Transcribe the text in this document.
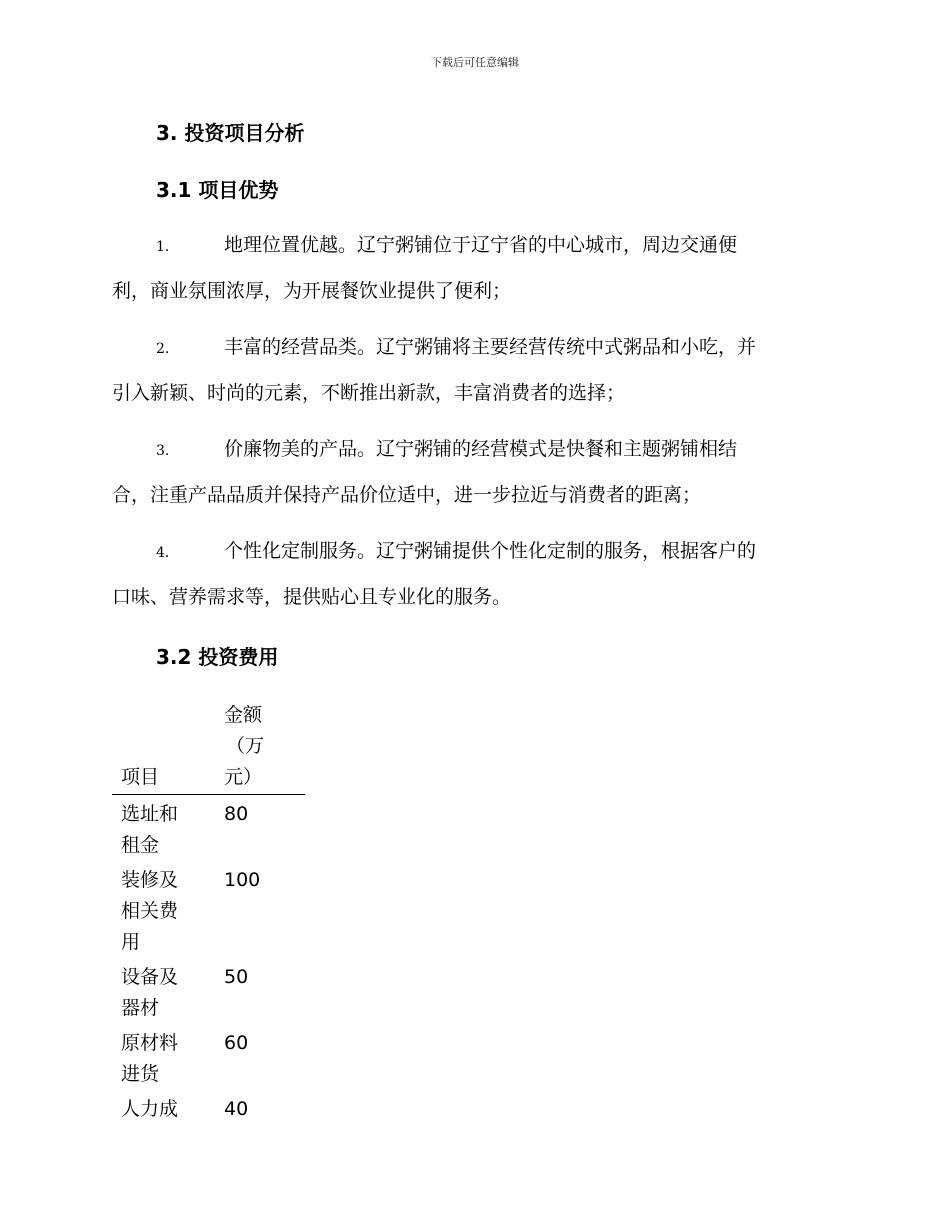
下载后可任意编辑
3. 投资项目分析
3.1 项目优势
1.	地理位置优越。辽宁粥铺位于辽宁省的中心城市，周边交通便
利，商业氛围浓厚，为开展餐饮业提供了便利；
2.	丰富的经营品类。辽宁粥铺将主要经营传统中式粥品和小吃，并
引入新颖、时尚的元素，不断推出新款，丰富消费者的选择；
3.	价廉物美的产品。辽宁粥铺的经营模式是快餐和主题粥铺相结
合，注重产品品质并保持产品价位适中，进一步拉近与消费者的距离；
4.	个性化定制服务。辽宁粥铺提供个性化定制的服务，根据客户的
口味、营养需求等，提供贴心且专业化的服务。
3.2 投资费用
项目	金额
（万
元）

选址和
租金	80

装修及
相关费
用	100

设备及
器材	50

原材料
进货	60

人力成	40
